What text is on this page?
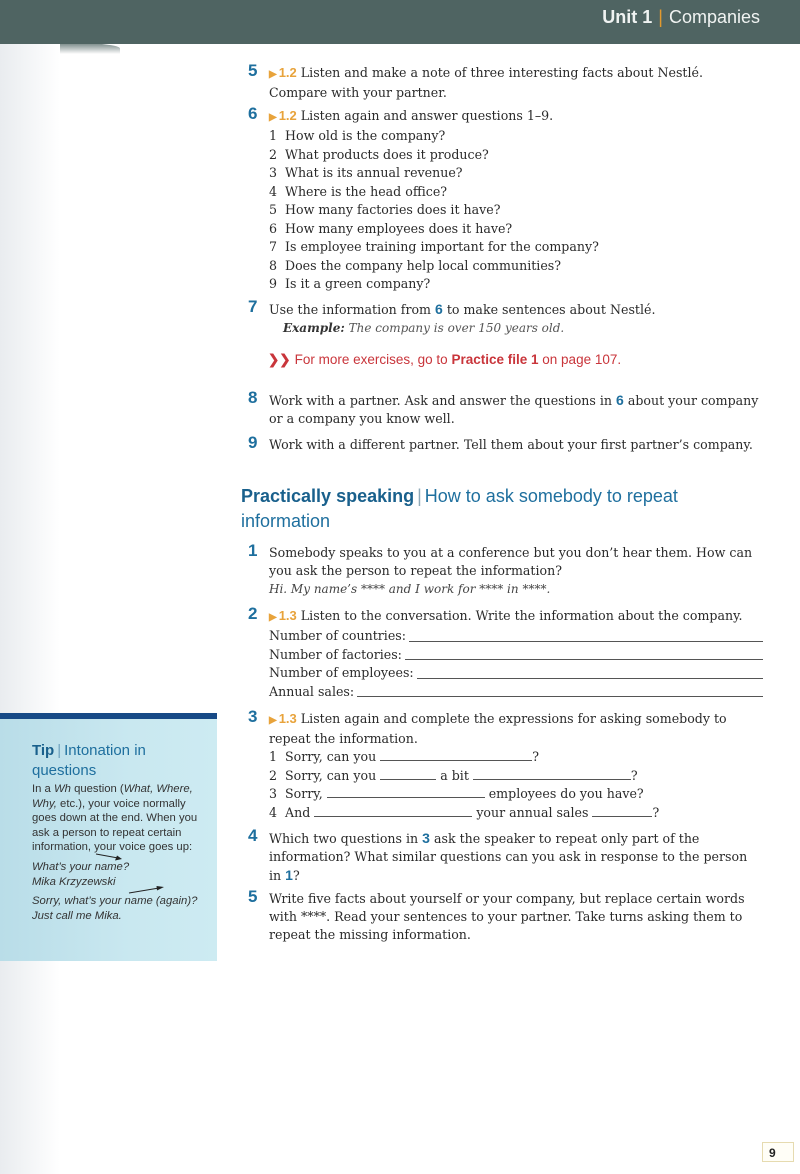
Unit 1 | Companies
5 ▶ 1.2 Listen and make a note of three interesting facts about Nestlé. Compare with your partner.
6 ▶ 1.2 Listen again and answer questions 1–9.
1 How old is the company?
2 What products does it produce?
3 What is its annual revenue?
4 Where is the head office?
5 How many factories does it have?
6 How many employees does it have?
7 Is employee training important for the company?
8 Does the company help local communities?
9 Is it a green company?
7 Use the information from 6 to make sentences about Nestlé.
Example: The company is over 150 years old.
❯❯ For more exercises, go to Practice file 1 on page 107.
8 Work with a partner. Ask and answer the questions in 6 about your company or a company you know well.
9 Work with a different partner. Tell them about your first partner’s company.
Practically speaking | How to ask somebody to repeat information
1 Somebody speaks to you at a conference but you don’t hear them. How can you ask the person to repeat the information?
Hi. My name’s **** and I work for **** in ****.
2 ▶ 1.3 Listen to the conversation. Write the information about the company.
Number of countries:
Number of factories:
Number of employees:
Annual sales:
3 ▶ 1.3 Listen again and complete the expressions for asking somebody to repeat the information.
1 Sorry, can you	?
2 Sorry, can you	a bit	?
3 Sorry,	employees do you have?
4 And	your annual sales	?
4 Which two questions in 3 ask the speaker to repeat only part of the information? What similar questions can you ask in response to the person in 1?
5 Write five facts about yourself or your company, but replace certain words with ****. Read your sentences to your partner. Take turns asking them to repeat the missing information.
Tip | Intonation in questions

In a Wh question (What, Where, Why, etc.), your voice normally goes down at the end. When you ask a person to repeat certain information, your voice goes up:

What’s your name?

Mika Krzyzewski

Sorry, what’s your name (again)?

Just call me Mika.

9
